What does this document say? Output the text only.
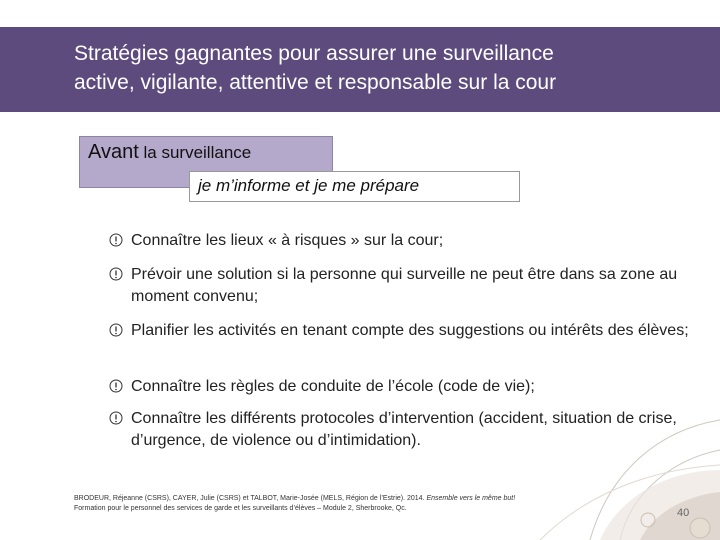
Stratégies gagnantes pour assurer une surveillance
active, vigilante, attentive et responsable sur la cour
Avant la surveillance
je m’informe et je me prépare
Connaître les lieux « à risques » sur la cour;
Prévoir une solution si la personne qui surveille ne peut être dans sa zone au moment convenu;
Planifier les activités en tenant compte des suggestions ou intérêts des élèves;
Connaître les règles de conduite de l’école (code de vie);
Connaître les différents protocoles d’intervention (accident, situation de crise, d’urgence, de violence ou d’intimidation).
BRODEUR, Réjeanne (CSRS), CAYER, Julie (CSRS) et TALBOT, Marie-Josée (MELS, Région de l’Estrie). 2014. Ensemble vers le même but!
Formation pour le personnel des services de garde et les surveillants d’élèves – Module 2, Sherbrooke, Qc.	40
